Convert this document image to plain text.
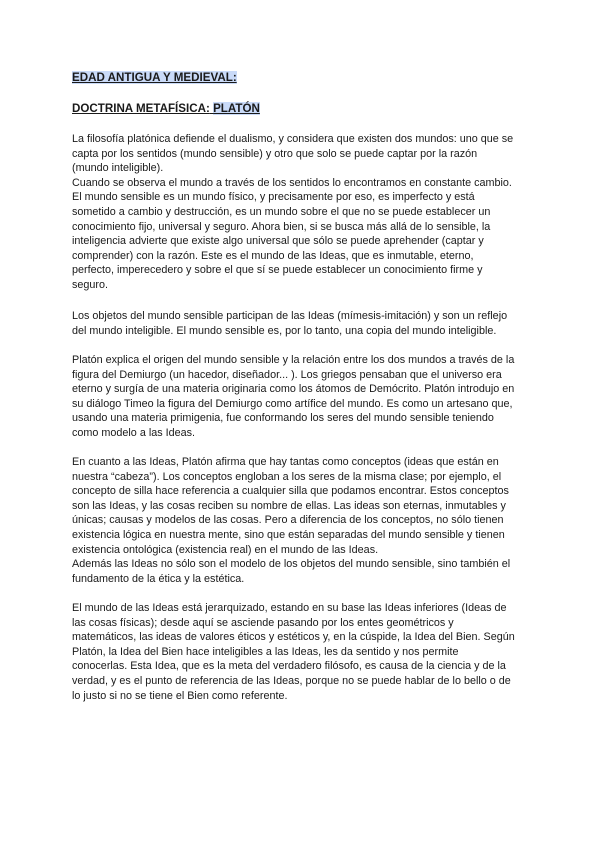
EDAD ANTIGUA Y MEDIEVAL:
DOCTRINA METAFÍSICA: PLATÓN
La filosofía platónica defiende el dualismo, y considera que existen dos mundos: uno que se
capta por los sentidos (mundo sensible) y otro que solo se puede captar por la razón
(mundo inteligible).
Cuando se observa el mundo a través de los sentidos lo encontramos en constante cambio.
El mundo sensible es un mundo físico, y precisamente por eso, es imperfecto y está
sometido a cambio y destrucción, es un mundo sobre el que no se puede establecer un
conocimiento fijo, universal y seguro. Ahora bien, si se busca más allá de lo sensible, la
inteligencia advierte que existe algo universal que sólo se puede aprehender (captar y
comprender) con la razón. Este es el mundo de las Ideas, que es inmutable, eterno,
perfecto, imperecedero y sobre el que sí se puede establecer un conocimiento firme y
seguro.
Los objetos del mundo sensible participan de las Ideas (mímesis-imitación) y son un reflejo
del mundo inteligible. El mundo sensible es, por lo tanto, una copia del mundo inteligible.
Platón explica el origen del mundo sensible y la relación entre los dos mundos a través de la
figura del Demiurgo (un hacedor, diseñador... ). Los griegos pensaban que el universo era
eterno y surgía de una materia originaria como los átomos de Demócrito. Platón introdujo en
su diálogo Timeo la figura del Demiurgo como artífice del mundo. Es como un artesano que,
usando una materia primigenia, fue conformando los seres del mundo sensible teniendo
como modelo a las Ideas.
En cuanto a las Ideas, Platón afirma que hay tantas como conceptos (ideas que están en
nuestra “cabeza”). Los conceptos engloban a los seres de la misma clase; por ejemplo, el
concepto de silla hace referencia a cualquier silla que podamos encontrar. Estos conceptos
son las Ideas, y las cosas reciben su nombre de ellas. Las ideas son eternas, inmutables y
únicas; causas y modelos de las cosas. Pero a diferencia de los conceptos, no sólo tienen
existencia lógica en nuestra mente, sino que están separadas del mundo sensible y tienen
existencia ontológica (existencia real) en el mundo de las Ideas.
Además las Ideas no sólo son el modelo de los objetos del mundo sensible, sino también el
fundamento de la ética y la estética.
El mundo de las Ideas está jerarquizado, estando en su base las Ideas inferiores (Ideas de
las cosas físicas); desde aquí se asciende pasando por los entes geométricos y
matemáticos, las ideas de valores éticos y estéticos y, en la cúspide, la Idea del Bien. Según
Platón, la Idea del Bien hace inteligibles a las Ideas, les da sentido y nos permite
conocerlas. Esta Idea, que es la meta del verdadero filósofo, es causa de la ciencia y de la
verdad, y es el punto de referencia de las Ideas, porque no se puede hablar de lo bello o de
lo justo si no se tiene el Bien como referente.
